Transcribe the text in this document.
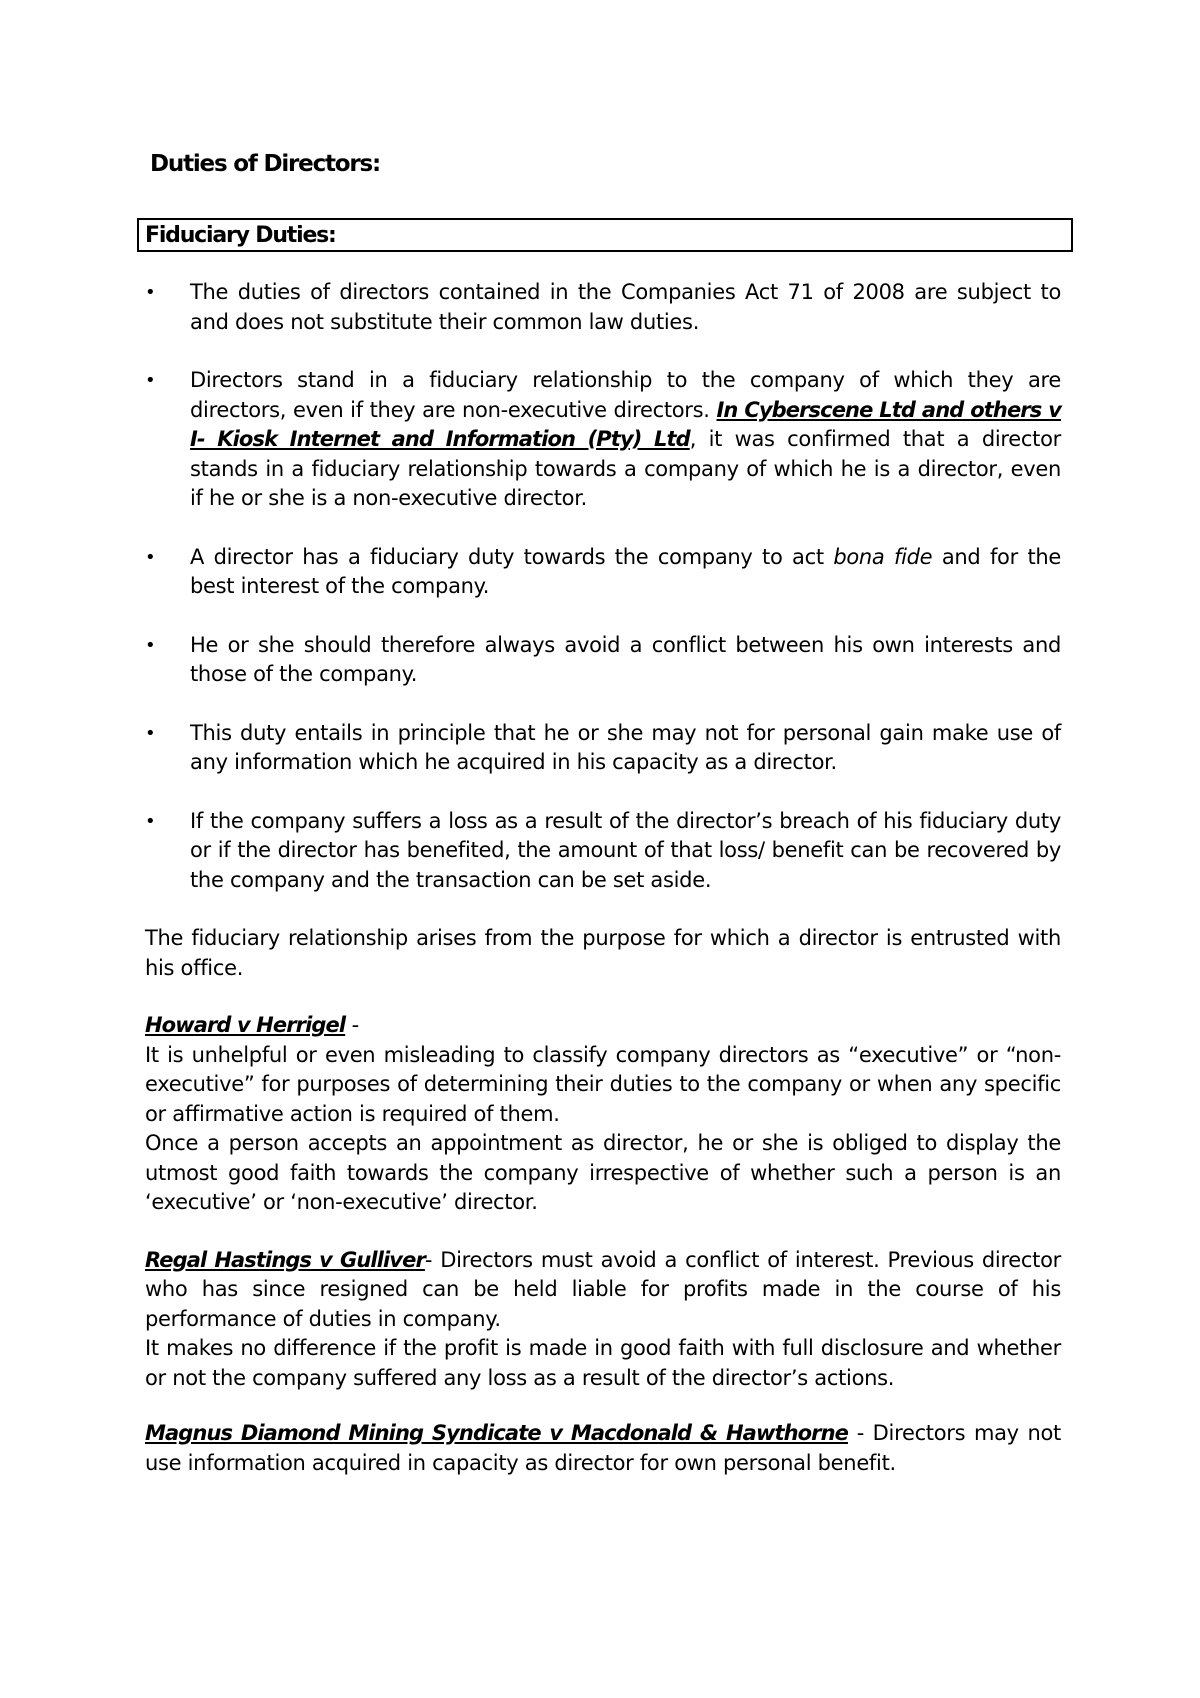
Duties of Directors:
Fiduciary Duties:
• The duties of directors contained in the Companies Act 71 of 2008 are subject to and does not substitute their common law duties.

• Directors stand in a fiduciary relationship to the company of which they are directors, even if they are non-executive directors. In Cyberscene Ltd and others v I- Kiosk Internet and Information (Pty) Ltd, it was confirmed that a director stands in a fiduciary relationship towards a company of which he is a director, even if he or she is a non-executive director.

• A director has a fiduciary duty towards the company to act bona fide and for the best interest of the company.

• He or she should therefore always avoid a conflict between his own interests and those of the company.

• This duty entails in principle that he or she may not for personal gain make use of any information which he acquired in his capacity as a director.

• If the company suffers a loss as a result of the director’s breach of his fiduciary duty or if the director has benefited, the amount of that loss/ benefit can be recovered by the company and the transaction can be set aside.

The fiduciary relationship arises from the purpose for which a director is entrusted with his office.

Howard v Herrigel -

It is unhelpful or even misleading to classify company directors as “executive” or “non-executive” for purposes of determining their duties to the company or when any specific or affirmative action is required of them.

Once a person accepts an appointment as director, he or she is obliged to display the utmost good faith towards the company irrespective of whether such a person is an ‘executive’ or ‘non-executive’ director.

Regal Hastings v Gulliver- Directors must avoid a conflict of interest. Previous director who has since resigned can be held liable for profits made in the course of his performance of duties in company.

It makes no difference if the profit is made in good faith with full disclosure and whether or not the company suffered any loss as a result of the director’s actions.

Magnus Diamond Mining Syndicate v Macdonald & Hawthorne - Directors may not use information acquired in capacity as director for own personal benefit.
